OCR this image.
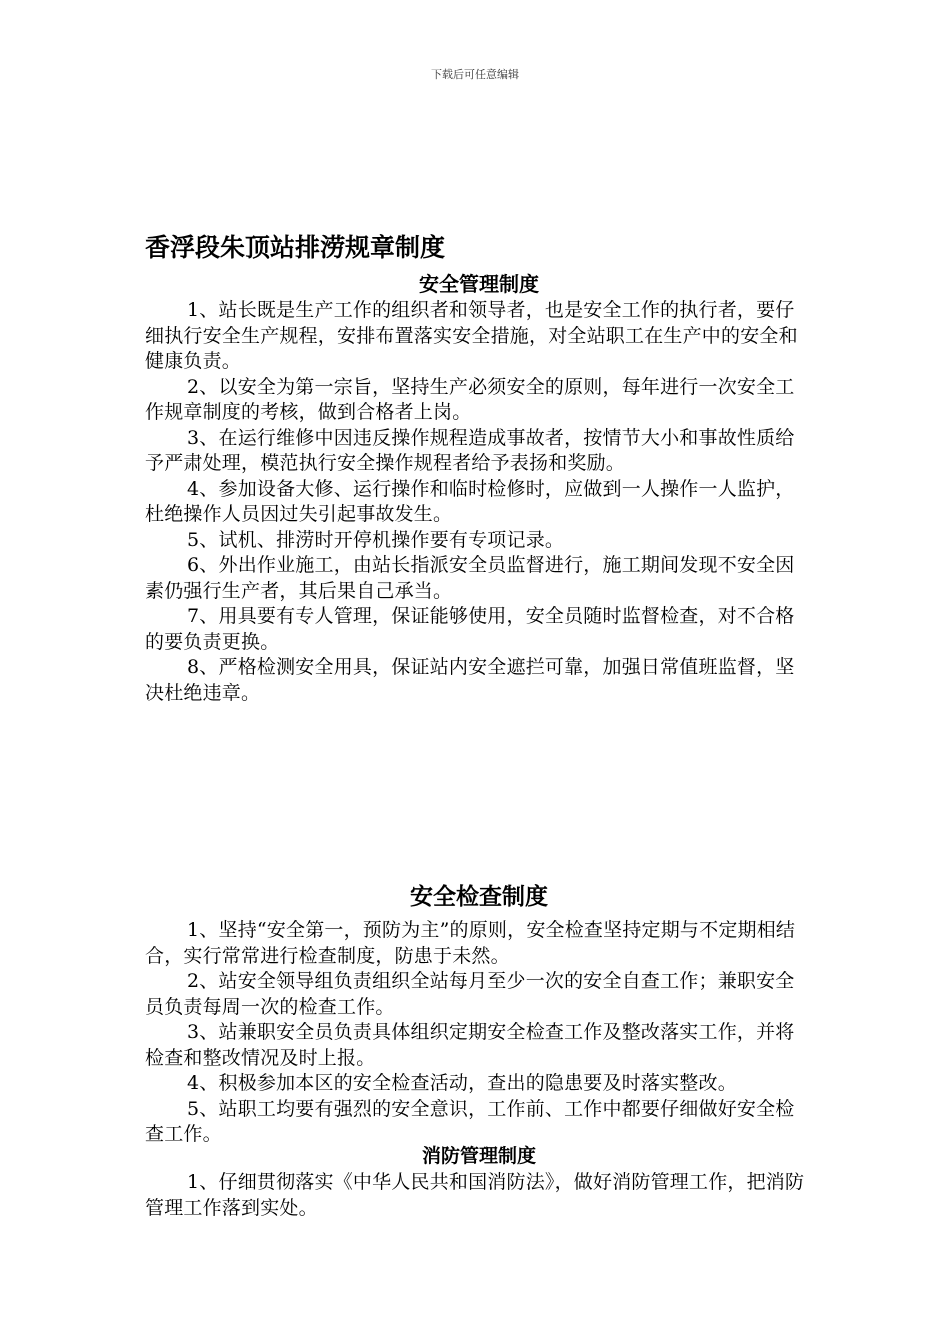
下载后可任意编辑
香浮段朱顶站排涝规章制度
安全管理制度

1、站长既是生产工作的组织者和领导者，也是安全工作的执行者，要仔细执行安全生产规程，安排布置落实安全措施，对全站职工在生产中的安全和健康负责。

2、以安全为第一宗旨，坚持生产必须安全的原则，每年进行一次安全工作规章制度的考核，做到合格者上岗。

3、在运行维修中因违反操作规程造成事故者，按情节大小和事故性质给予严肃处理，模范执行安全操作规程者给予表扬和奖励。

4、参加设备大修、运行操作和临时检修时，应做到一人操作一人监护，杜绝操作人员因过失引起事故发生。

5、试机、排涝时开停机操作要有专项记录。

6、外出作业施工，由站长指派安全员监督进行，施工期间发现不安全因素仍强行生产者，其后果自己承当。

7、用具要有专人管理，保证能够使用，安全员随时监督检查，对不合格的要负责更换。

8、严格检测安全用具，保证站内安全遮拦可靠，加强日常值班监督，坚决杜绝违章。

安全检查制度

1、坚持“安全第一，预防为主”的原则，安全检查坚持定期与不定期相结合，实行常常进行检查制度，防患于未然。

2、站安全领导组负责组织全站每月至少一次的安全自查工作；兼职安全员负责每周一次的检查工作。

3、站兼职安全员负责具体组织定期安全检查工作及整改落实工作，并将检查和整改情况及时上报。

4、积极参加本区的安全检查活动，查出的隐患要及时落实整改。

5、站职工均要有强烈的安全意识，工作前、工作中都要仔细做好安全检查工作。

消防管理制度

1、仔细贯彻落实《中华人民共和国消防法》，做好消防管理工作，把消防管理工作落到实处。
